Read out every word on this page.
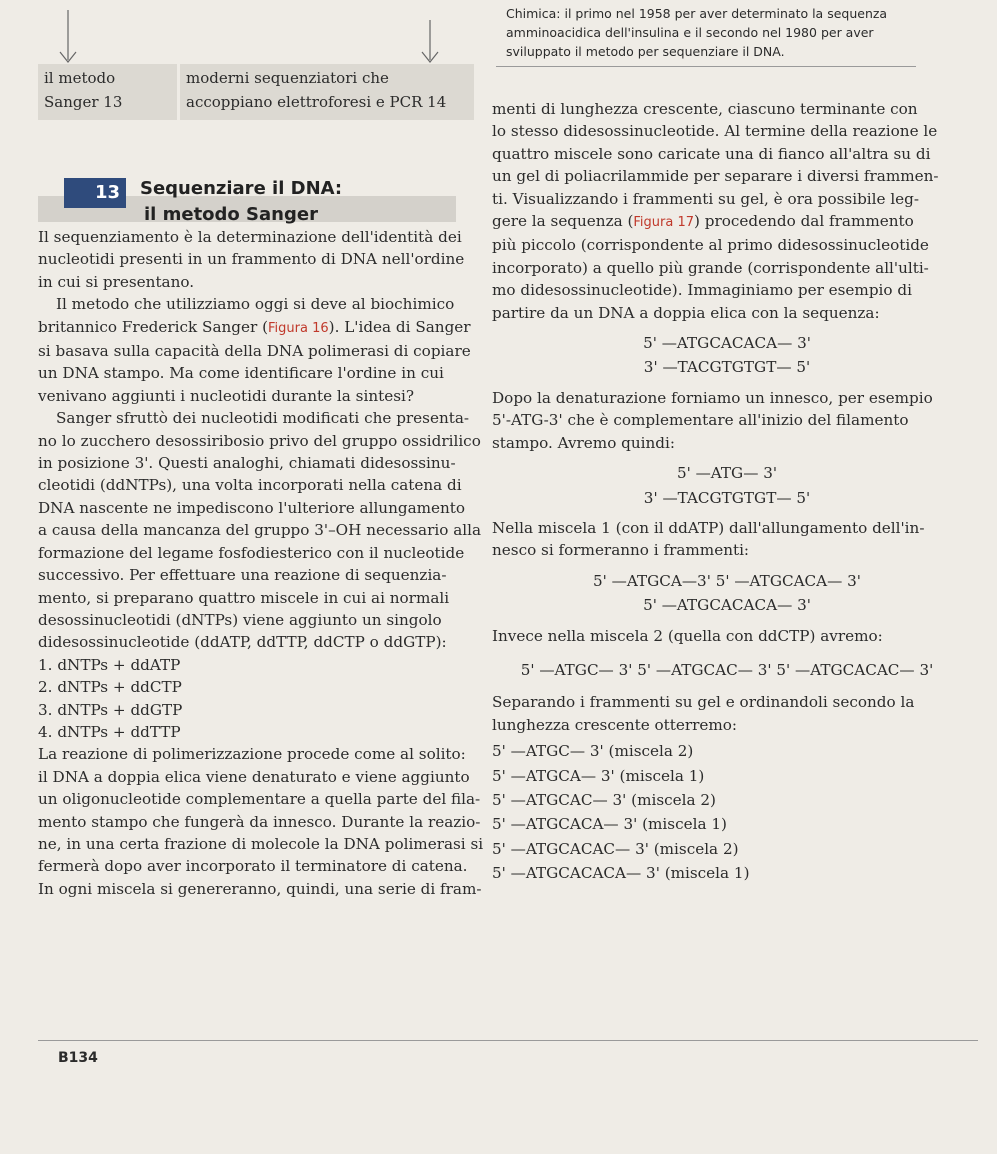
Chimica: il primo nel 1958 per aver determinato la sequenza
amminoacidica dell'insulina e il secondo nel 1980 per aver
sviluppato il metodo per sequenziare il DNA.
il metodo
Sanger 13
moderni sequenziatori che
accoppiano elettroforesi e PCR 14
13	Sequenziare il DNA:
il metodo Sanger

Il sequenziamento è la determinazione dell'identità dei

nucleotidi presenti in un frammento di DNA nell'ordine

in cui si presentano.

Il metodo che utilizziamo oggi si deve al biochimico

britannico Frederick Sanger (Figura 16). L'idea di Sanger

si basava sulla capacità della DNA polimerasi di copiare

un DNA stampo. Ma come identificare l'ordine in cui

venivano aggiunti i nucleotidi durante la sintesi?

Sanger sfruttò dei nucleotidi modificati che presenta-

no lo zucchero desossiribosio privo del gruppo ossidrilico

in posizione 3'. Questi analoghi, chiamati didesossinu-

cleotidi (ddNTPs), una volta incorporati nella catena di

DNA nascente ne impediscono l'ulteriore allungamento

a causa della mancanza del gruppo 3'–OH necessario alla

formazione del legame fosfodiesterico con il nucleotide

successivo. Per effettuare una reazione di sequenzia-

mento, si preparano quattro miscele in cui ai normali

desossinucleotidi (dNTPs) viene aggiunto un singolo

didesossinucleotide (ddATP, ddTTP, ddCTP o ddGTP):

1. dNTPs + ddATP

2. dNTPs + ddCTP

3. dNTPs + ddGTP

4. dNTPs + ddTTP

La reazione di polimerizzazione procede come al solito:

il DNA a doppia elica viene denaturato e viene aggiunto

un oligonucleotide complementare a quella parte del fila-

mento stampo che fungerà da innesco. Durante la reazio-

ne, in una certa frazione di molecole la DNA polimerasi si

fermerà dopo aver incorporato il terminatore di catena.

In ogni miscela si genereranno, quindi, una serie di fram-

menti di lunghezza crescente, ciascuno terminante con

lo stesso didesossinucleotide. Al termine della reazione le

quattro miscele sono caricate una di fianco all'altra su di

un gel di poliacrilammide per separare i diversi frammen-

ti. Visualizzando i frammenti su gel, è ora possibile leg-

gere la sequenza (Figura 17) procedendo dal frammento

più piccolo (corrispondente al primo didesossinucleotide

incorporato) a quello più grande (corrispondente all'ulti-

mo didesossinucleotide). Immaginiamo per esempio di

partire da un DNA a doppia elica con la sequenza:

5' —ATGCACACA— 3'

3' —TACGTGTGT— 5'

Dopo la denaturazione forniamo un innesco, per esempio

5'-ATG-3' che è complementare all'inizio del filamento

stampo. Avremo quindi:

5' —ATG— 3'

3' —TACGTGTGT— 5'

Nella miscela 1 (con il ddATP) dall'allungamento dell'in-

nesco si formeranno i frammenti:

5' —ATGCA—3' 5' —ATGCACA— 3'

5' —ATGCACACA— 3'

Invece nella miscela 2 (quella con ddCTP) avremo:

5' —ATGC— 3' 5' —ATGCAC— 3' 5' —ATGCACAC— 3'

Separando i frammenti su gel e ordinandoli secondo la

lunghezza crescente otterremo:

5' —ATGC— 3' (miscela 2)

5' —ATGCA— 3' (miscela 1)

5' —ATGCAC— 3' (miscela 2)

5' —ATGCACA— 3' (miscela 1)

5' —ATGCACAC— 3' (miscela 2)

5' —ATGCACACA— 3' (miscela 1)

B134
